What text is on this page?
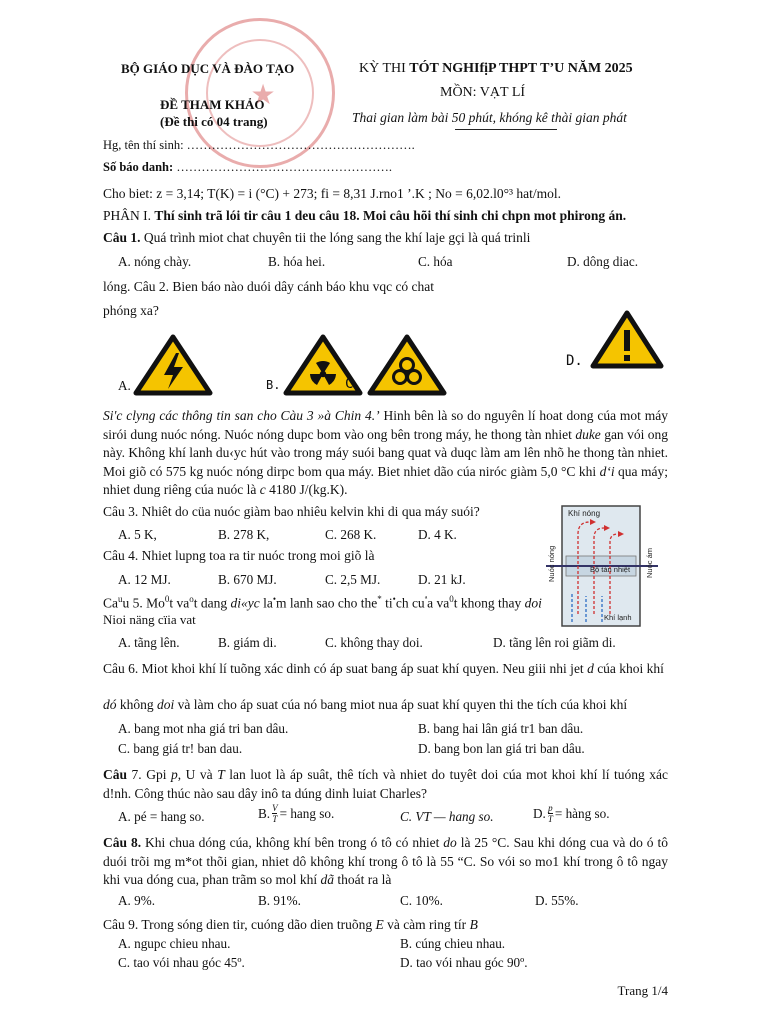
★
BỘ GIÁO DỤC VÀ ĐÀO TẠO
ĐỀ THAM KHẢO
(Đề thi có 04 trang)
KỲ THI TÓT NGHIfịP THPT T’U NĂM 2025
MỒN: VẠT LÍ
Thai gian làm bài 50 phút, khóng kê thài gian phát
Hg, tên thí sinh: ……………………………………………….
Số báo danh: …………………………………………….
Cho biet: z = 3,14; T(K) = i (°C) + 273; fi = 8,31 J.rno1 ’.K ; No = 6,02.l0°³ hat/mol.
PHÂN I. Thí sinh trã lói tir câu 1 deu câu 18. Moi câu hõi thí sinh chi chpn mot phirong án.
Câu 1. Quá trình miot chat chuyên tii the lóng sang the khí laje gçi là quá trinli
A. nóng chày.	B. hóa hei.	C. hóa	D. dông diac.
lóng. Câu 2. Bien báo nào duói dây cánh báo khu vqc có chat
phóng xa?
A.	B.	C.
D.
Si'c clyng các thông tin san cho Càu 3 »à Chin 4.’ Hinh bên là so do nguyên lí hoat dong cúa mot máy sirói dung nuóc nóng. Nuóc nóng dupc bom vào ong bên trong máy, he thong tàn nhiet duke gan vói ong này. Không khí lanh du‹yc hút vào trong máy suói bang quat và duqc làm am lên nhõ he thong tàn nhiet. Moi giõ có 575 kg nuóc nóng dirpc bom qua máy. Biet nhiet dão cúa niróc giàm 5,0 °C khi d‘i qua máy; nhiet dung riêng cúa nuóc là c 4180 J/(kg.K).
Khí nóng
Nuóc nóng	Nuóc ám
Bộ tàn nhiệt
Khí lạnh
Câu 3. Nhiêt do cüa nuóc giàm bao nhiêu kelvin khi di qua máy suói?
A. 5 K,	B. 278 K,	C. 268 K.	D. 4 K.
Câu 4. Nhiet lupng toa ra tir nuóc trong moi giõ là
A. 12 MJ.	B. 670 MJ.	C. 2,5 MJ.	D. 21 kJ.
Ca$^u$u 5. Mo$^0$t $va^ot$ dang di«yc la•m lanh sao cho the* ti•ch $cu^ªa$ $va^0t$ khong thay doi
Nioi näng cïia vat
A. tãng lên.	B. giám di.	C. không thay doi.	D. tãng lên roi giãm di.
Câu 6. Miot khoi khí lí tuõng xác dinh có áp suat bang áp suat khí quyen. Neu giii nhi jet d cúa khoi khí
dó không doi và làm cho áp suat cúa nó bang miot nua áp suat khí quyen thi the tích cúa khoi khí
A. bang mot nha giá tri ban dâu.	B. bang hai lân giá tr1 ban dâu.
C. bang giá tr! ban dau.	D. bang bon lan giá tri ban dâu.
Câu 7. Gpi p, U và T lan luot là áp suât, thê tích và nhiet do tuyêt doi cúa mot khoi khí lí tuóng xác d!nh. Công thúc nào sau dây inô ta dúng dinh luiat Charles?
A. pé = hang so.	B. $\frac{V}{T}$ = hang so.	C. VT — hang so.	D. $\frac{p}{T}$ = hàng so.
Câu 8. Khi chua dóng cúa, không khí bên trong ó tô có nhiet do là 25 °C. Sau khi dóng cua và do ó tô duói trõi mg m*ot thõi gian, nhiet dô không khí trong ô tô là 55 “C. So vói so mo1 khí trong ô tô ngay khi vua dóng cua, phan trãm so mol khí dã thoát ra là
A. 9%.	B. 91%.	C. 10%.	D. 55%.
Câu 9. Trong sóng dien tir, cuóng dão dien truõng E và càm ring tír B
A. ngupc chieu nhau.	B. cúng chieu nhau.
C. tao vói nhau góc 45º.	D. tao vói nhau góc 90º.
Trang 1/4
